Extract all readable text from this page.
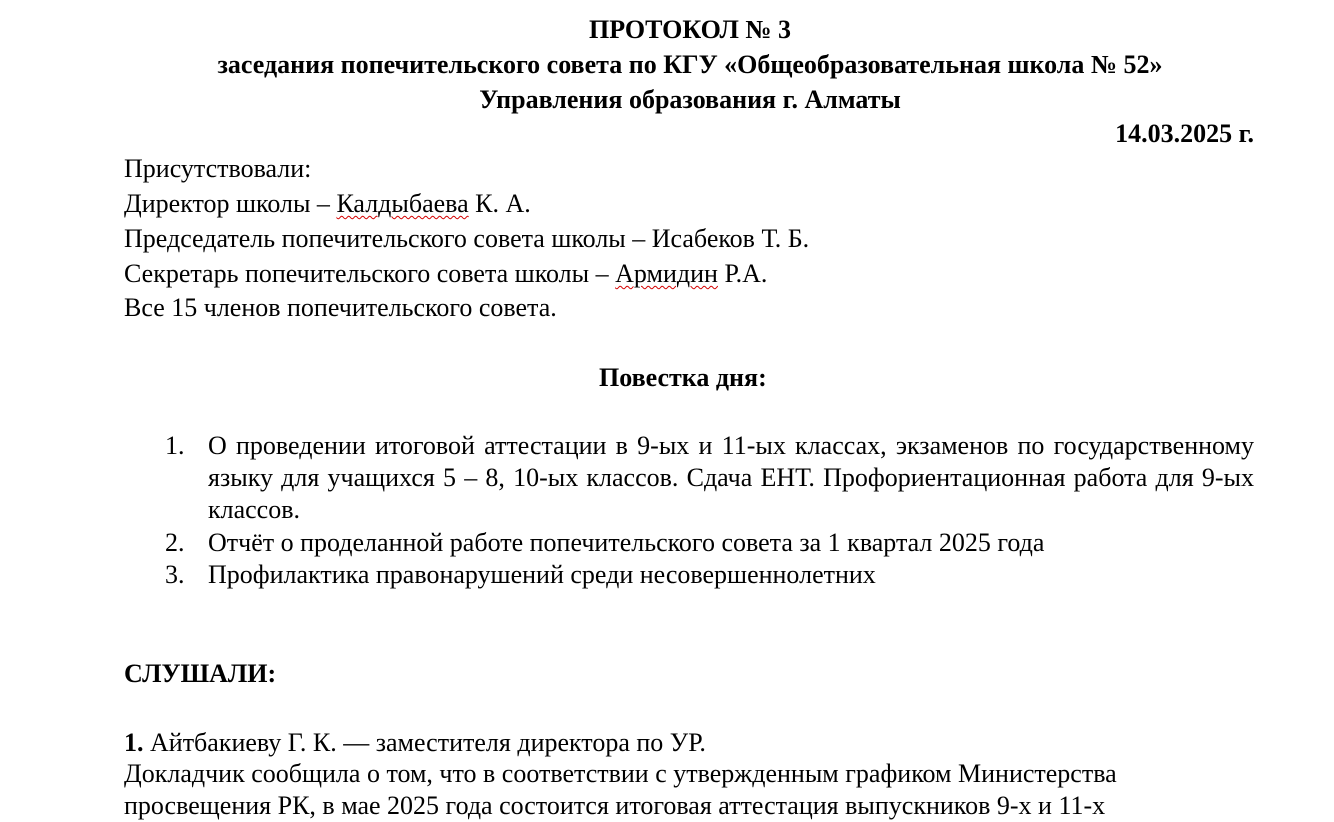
ПРОТОКОЛ № 3
заседания попечительского совета по КГУ «Общеобразовательная школа № 52»
Управления образования г. Алматы
14.03.2025 г.
Присутствовали:
Директор школы – Калдыбаева К. А.
Председатель попечительского совета школы – Исабеков Т. Б.
Секретарь попечительского совета школы – Армидин Р.А.
Все 15 членов попечительского совета.
Повестка дня:
1. О проведении итоговой аттестации в 9-ых и 11-ых классах, экзаменов по государственному языку для учащихся 5 – 8, 10-ых классов. Сдача ЕНТ. Профориентационная работа для 9-ых классов.
2. Отчёт о проделанной работе попечительского совета за 1 квартал 2025 года
3. Профилактика правонарушений среди несовершеннолетних
СЛУШАЛИ:
1. Айтбакиеву Г. К. — заместителя директора по УР.
Докладчик сообщила о том, что в соответствии с утвержденным графиком Министерства
просвещения РК, в мае 2025 года состоится итоговая аттестация выпускников 9-х и 11-х
